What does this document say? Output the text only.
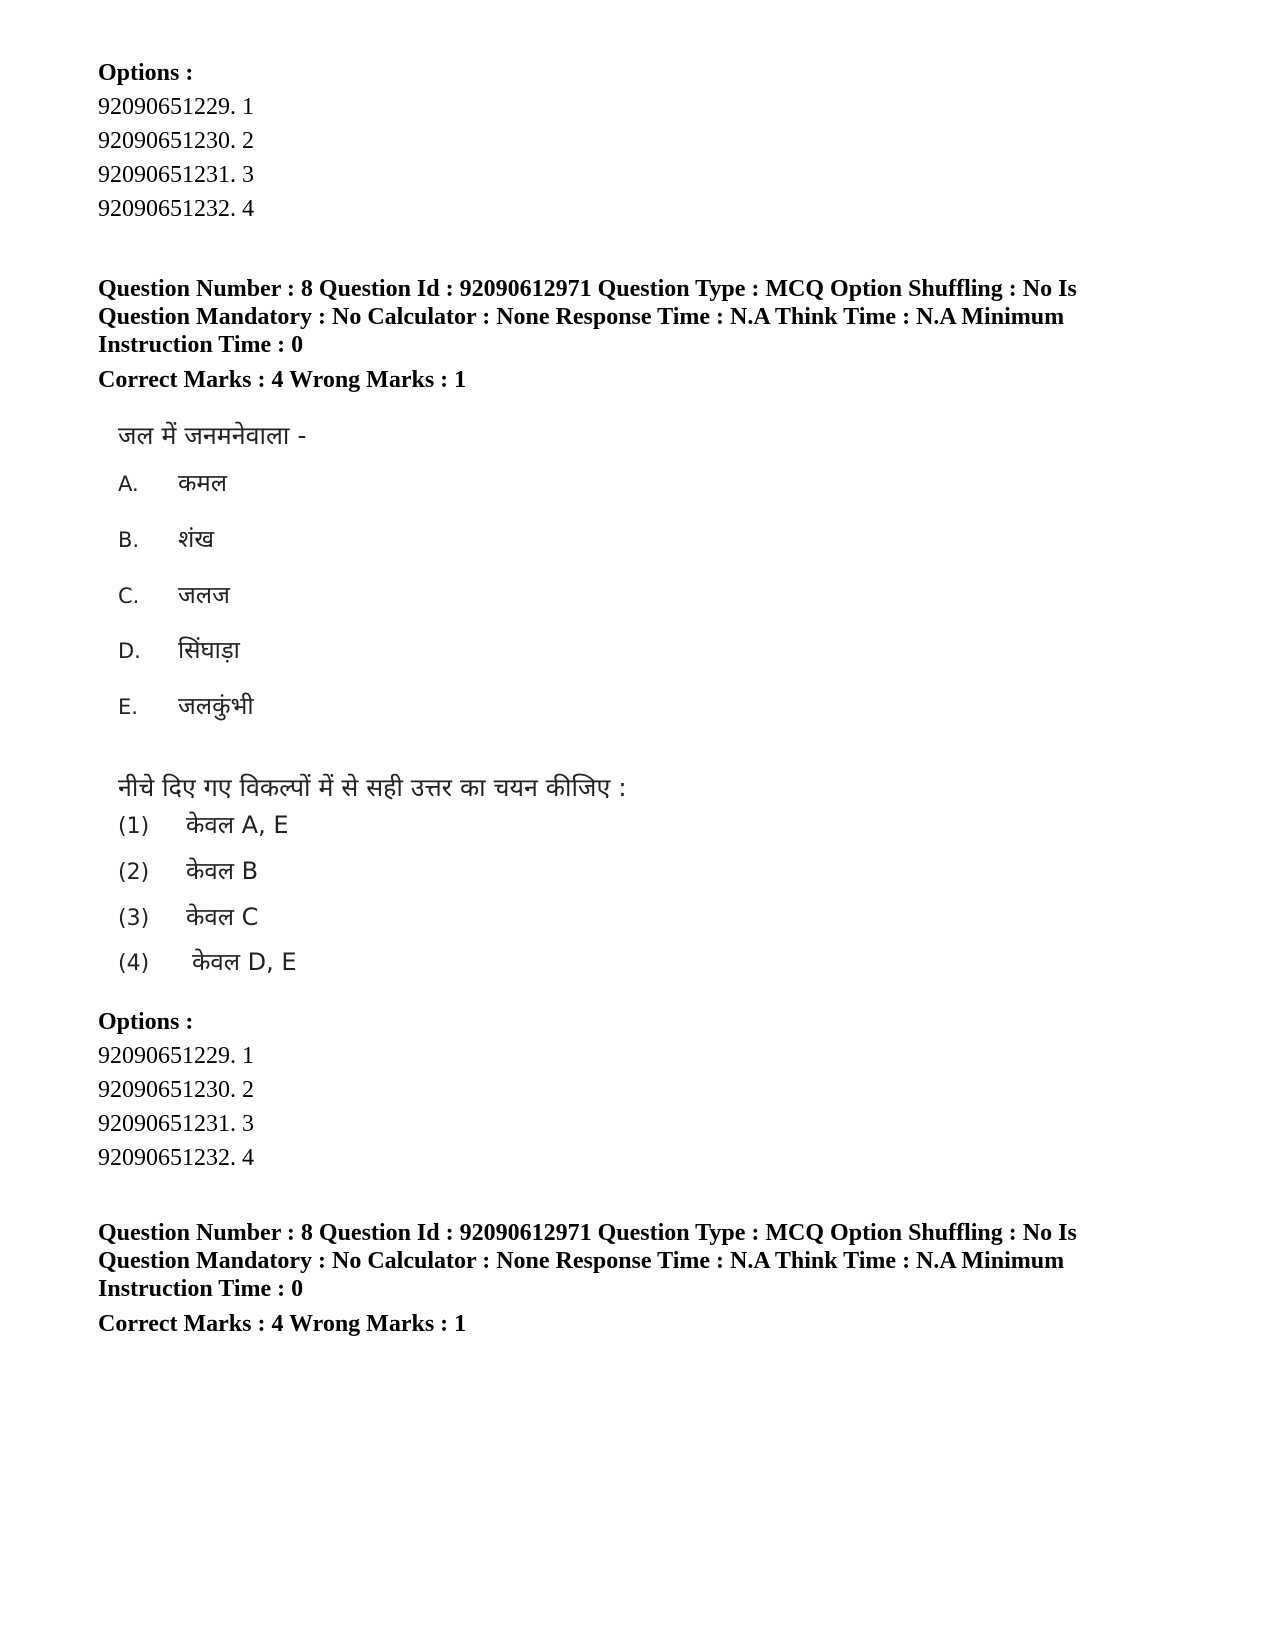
Options :
92090651229. 1
92090651230. 2
92090651231. 3
92090651232. 4
Question Number : 8 Question Id : 92090612971 Question Type : MCQ Option Shuffling : No Is
Question Mandatory : No Calculator : None Response Time : N.A Think Time : N.A Minimum
Instruction Time : 0
Correct Marks : 4 Wrong Marks : 1
जल में जनमनेवाला -
A. कमल
B. शंख
C. जलज
D. सिंघाड़ा
E. जलकुंभी
नीचे दिए गए विकल्पों में से सही उत्तर का चयन कीजिए :
(1) केवल A, E
(2) केवल B
(3) केवल C
(4) केवल D, E
Options :
92090651229. 1
92090651230. 2
92090651231. 3
92090651232. 4
Question Number : 8 Question Id : 92090612971 Question Type : MCQ Option Shuffling : No Is
Question Mandatory : No Calculator : None Response Time : N.A Think Time : N.A Minimum
Instruction Time : 0
Correct Marks : 4 Wrong Marks : 1
